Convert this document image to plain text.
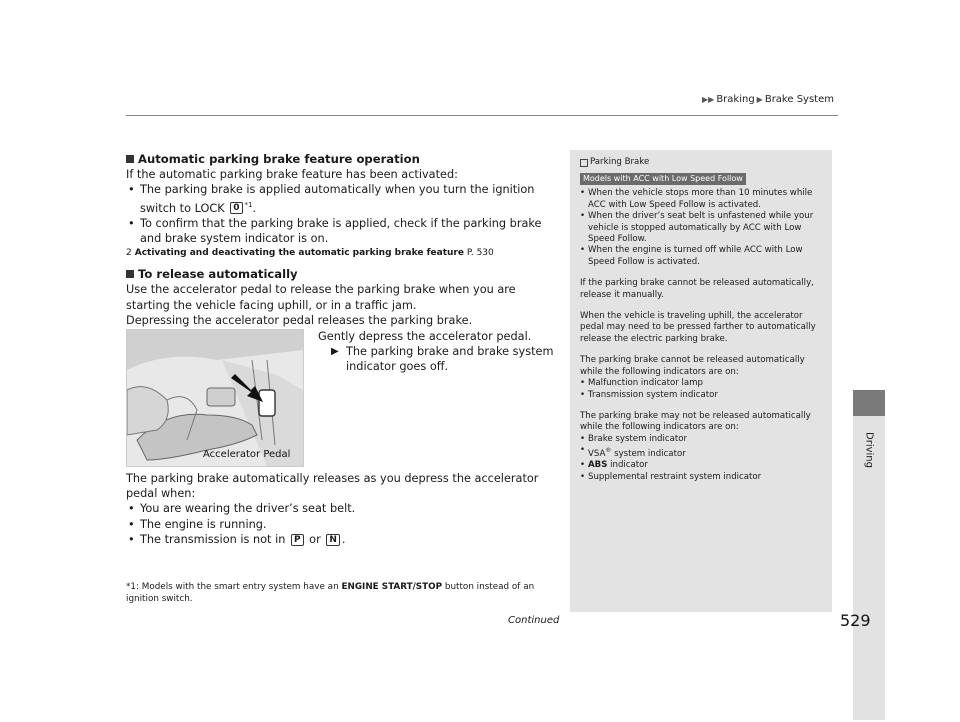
▶▶ Braking ▶ Brake System
Driving

Automatic parking brake feature operation

If the automatic parking brake feature has been activated:

• The parking brake is applied automatically when you turn the ignition switch to LOCK 0 $^{*1}$.

• To confirm that the parking brake is applied, check if the parking brake and brake system indicator is on.

2 Activating and deactivating the automatic parking brake feature P. 530

To release automatically

Use the accelerator pedal to release the parking brake when you are starting the vehicle facing uphill, or in a traffic jam.

Depressing the accelerator pedal releases the parking brake.

Accelerator Pedal

Gently depress the accelerator pedal.

▶ The parking brake and brake system indicator goes off.

The parking brake automatically releases as you depress the accelerator pedal when:

• You are wearing the driver’s seat belt.

• The engine is running.

• The transmission is not in P or N .

*1: Models with the smart entry system have an ENGINE START/STOP button instead of an ignition switch.
Parking Brake
Models with ACC with Low Speed Follow

• When the vehicle stops more than 10 minutes while ACC with Low Speed Follow is activated.

• When the driver’s seat belt is unfastened while your vehicle is stopped automatically by ACC with Low Speed Follow.

• When the engine is turned off while ACC with Low Speed Follow is activated.

If the parking brake cannot be released automatically, release it manually.

When the vehicle is traveling uphill, the accelerator pedal may need to be pressed farther to automatically release the electric parking brake.

The parking brake cannot be released automatically while the following indicators are on:

• Malfunction indicator lamp

• Transmission system indicator

The parking brake may not be released automatically while the following indicators are on:

• Brake system indicator

• VSA® system indicator

• ABS indicator

• Supplemental restraint system indicator

Continued	529
